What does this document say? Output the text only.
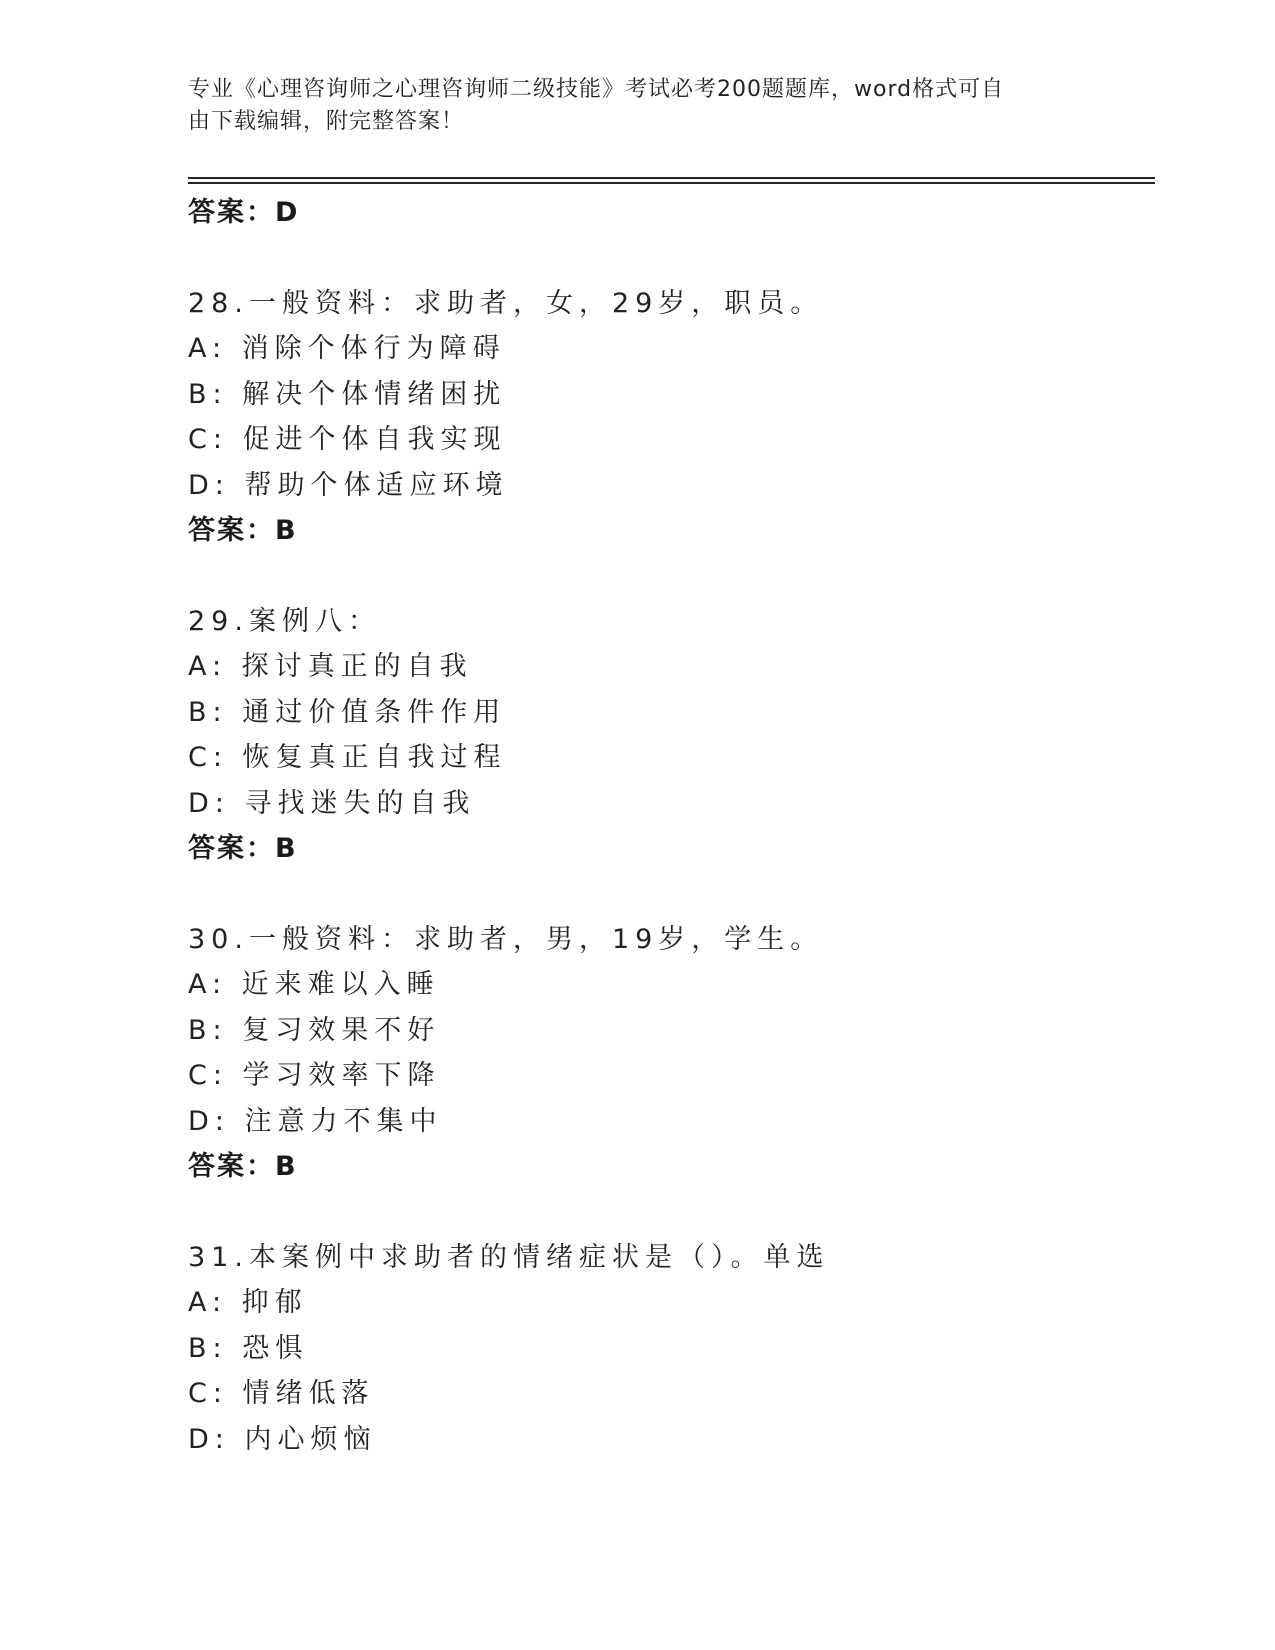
专业《心理咨询师之心理咨询师二级技能》考试必考200题题库，word格式可自
由下载编辑，附完整答案！
答案：D
28.一般资料：求助者，女，29岁，职员。
A: 消除个体行为障碍
B: 解决个体情绪困扰
C: 促进个体自我实现
D: 帮助个体适应环境
答案：B
29.案例八：
A: 探讨真正的自我
B: 通过价值条件作用
C: 恢复真正自我过程
D: 寻找迷失的自我
答案：B
30.一般资料：求助者，男，19岁，学生。
A: 近来难以入睡
B: 复习效果不好
C: 学习效率下降
D: 注意力不集中
答案：B
31.本案例中求助者的情绪症状是（）。单选
A: 抑郁
B: 恐惧
C: 情绪低落
D: 内心烦恼
